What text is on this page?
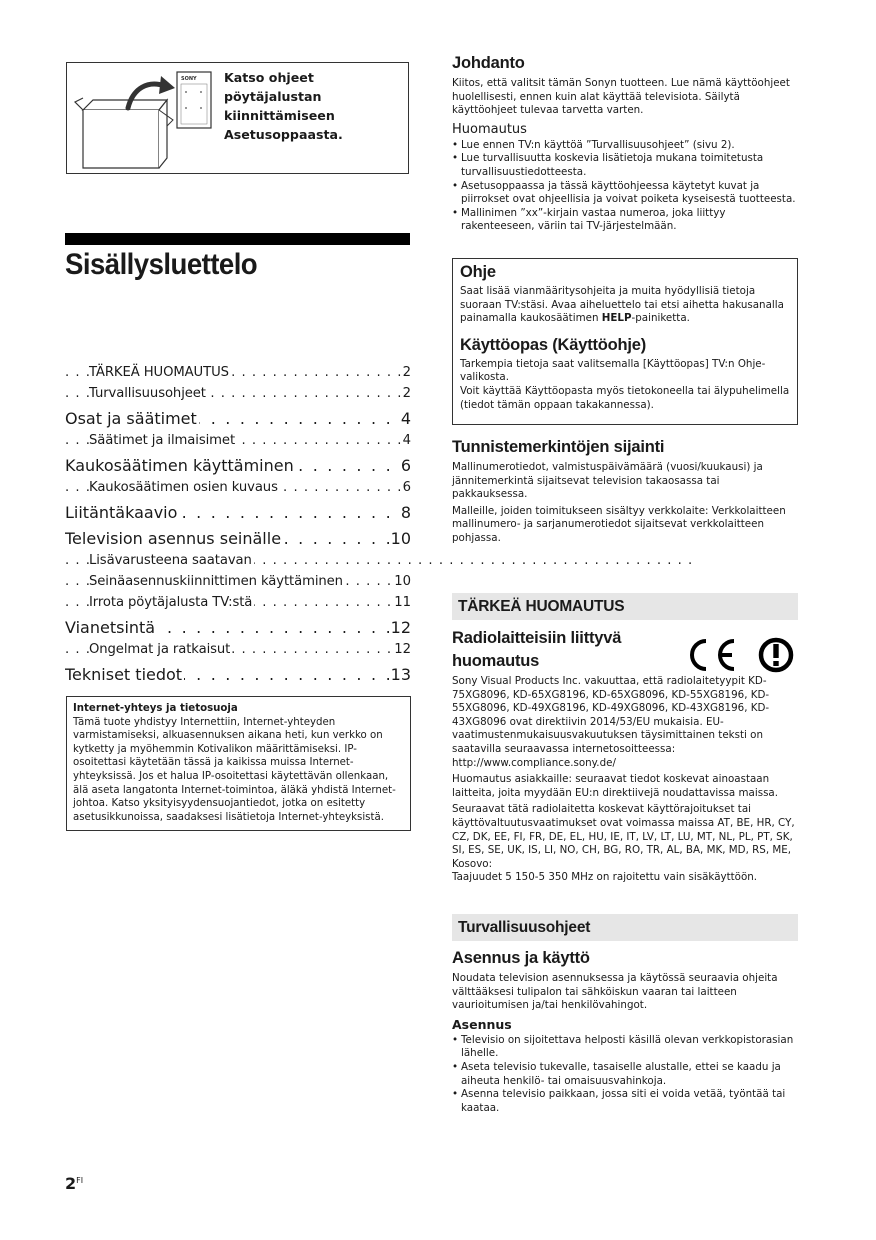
SONY Katso ohjeet pöytäjalustan kiinnittämiseen Asetusoppaasta.
Sisällysluettelo
. . . TÄRKEÄ HUOMAUTUS	2
. . . Turvallisuusohjeet	2
. . . Osat ja säätimet	4
. . . Säätimet ja ilmaisimet	4
. . . Kaukosäätimen käyttäminen	6
. . . Kaukosäätimen osien kuvaus	6
. . . Liitäntäkaavio	8
. . . Television asennus seinälle	10
. . . Lisävarusteena saatavan
. . . Seinäasennuskiinnittimen käyttäminen	10
. . . Irrota pöytäjalusta TV:stä	11
. . . Vianetsintä	12
. . . Ongelmat ja ratkaisut	12
. . . Tekniset tiedot	13

Internet-yhteys ja tietosuoja

Tämä tuote yhdistyy Internettiin, Internet-yhteyden varmistamiseksi, alkuasennuksen aikana heti, kun verkko on kytketty ja myöhemmin Kotivalikon määrittämiseksi. IP-osoitettasi käytetään tässä ja kaikissa muissa Internet-yhteyksissä. Jos et halua IP-osoitettasi käytettävän ollenkaan, älä aseta langatonta Internet-toimintoa, äläkä yhdistä Internet-johtoa. Katso yksityisyydensuojantiedot, jotka on esitetty asetusikkunoissa, saadaksesi lisätietoja Internet-yhteyksistä.

Johdanto

Kiitos, että valitsit tämän Sonyn tuotteen. Lue nämä käyttöohjeet huolellisesti, ennen kuin alat käyttää televisiota. Säilytä käyttöohjeet tulevaa tarvetta varten.

Huomautus
• Lue ennen TV:n käyttöä ”Turvallisuusohjeet” (sivu 2).
• Lue turvallisuutta koskevia lisätietoja mukana toimitetusta turvallisuustiedotteesta.
• Asetusoppaassa ja tässä käyttöohjeessa käytetyt kuvat ja piirrokset ovat ohjeellisia ja voivat poiketa kyseisestä tuotteesta.
• Mallinimen ”xx”-kirjain vastaa numeroa, joka liittyy rakenteeseen, väriin tai TV-järjestelmään.
Ohje

Saat lisää vianmääritysohjeita ja muita hyödyllisiä tietoja suoraan TV:stäsi. Avaa aiheluettelo tai etsi aihetta hakusanalla painamalla kaukosäätimen HELP-painiketta.

Käyttöopas (Käyttöohje)

Tarkempia tietoja saat valitsemalla [Käyttöopas] TV:n Ohje-valikosta.

Voit käyttää Käyttöopasta myös tietokoneella tai älypuhelimella (tiedot tämän oppaan takakannessa).

Tunnistemerkintöjen sijainti

Mallinumerotiedot, valmistuspäivämäärä (vuosi/kuukausi) ja jännitemerkintä sijaitsevat television takaosassa tai pakkauksessa.

Malleille, joiden toimitukseen sisältyy verkkolaite: Verkkolaitteen mallinumero- ja sarjanumerotiedot sijaitsevat verkkolaitteen pohjassa.

TÄRKEÄ HUOMAUTUS
Radiolaitteisiin liittyvä
huomautus

Sony Visual Products Inc. vakuuttaa, että radiolaitetyypit KD-75XG8096, KD-65XG8196, KD-65XG8096, KD-55XG8196, KD-55XG8096, KD-49XG8196, KD-49XG8096, KD-43XG8196, KD-43XG8096 ovat direktiivin 2014/53/EU mukaisia. EU-vaatimustenmukaisuusvakuutuksen täysimittainen teksti on saatavilla seuraavassa internetosoitteessa:

http://www.compliance.sony.de/

Huomautus asiakkaille: seuraavat tiedot koskevat ainoastaan laitteita, joita myydään EU:n direktiivejä noudattavissa maissa.

Seuraavat tätä radiolaitetta koskevat käyttörajoitukset tai käyttövaltuutusvaatimukset ovat voimassa maissa AT, BE, HR, CY, CZ, DK, EE, FI, FR, DE, EL, HU, IE, IT, LV, LT, LU, MT, NL, PL, PT, SK, SI, ES, SE, UK, IS, LI, NO, CH, BG, RO, TR, AL, BA, MK, MD, RS, ME, Kosovo:

Taajuudet 5 150-5 350 MHz on rajoitettu vain sisäkäyttöön.

Turvallisuusohjeet
Asennus ja käyttö

Noudata television asennuksessa ja käytössä seuraavia ohjeita välttääksesi tulipalon tai sähköiskun vaaran tai laitteen vaurioitumisen ja/tai henkilövahingot.

Asennus
• Televisio on sijoitettava helposti käsillä olevan verkkopistorasian lähelle.
• Aseta televisio tukevalle, tasaiselle alustalle, ettei se kaadu ja aiheuta henkilö- tai omaisuusvahinkoja.
• Asenna televisio paikkaan, jossa siti ei voida vetää, työntää tai kaataa.
$2^{FI}$
